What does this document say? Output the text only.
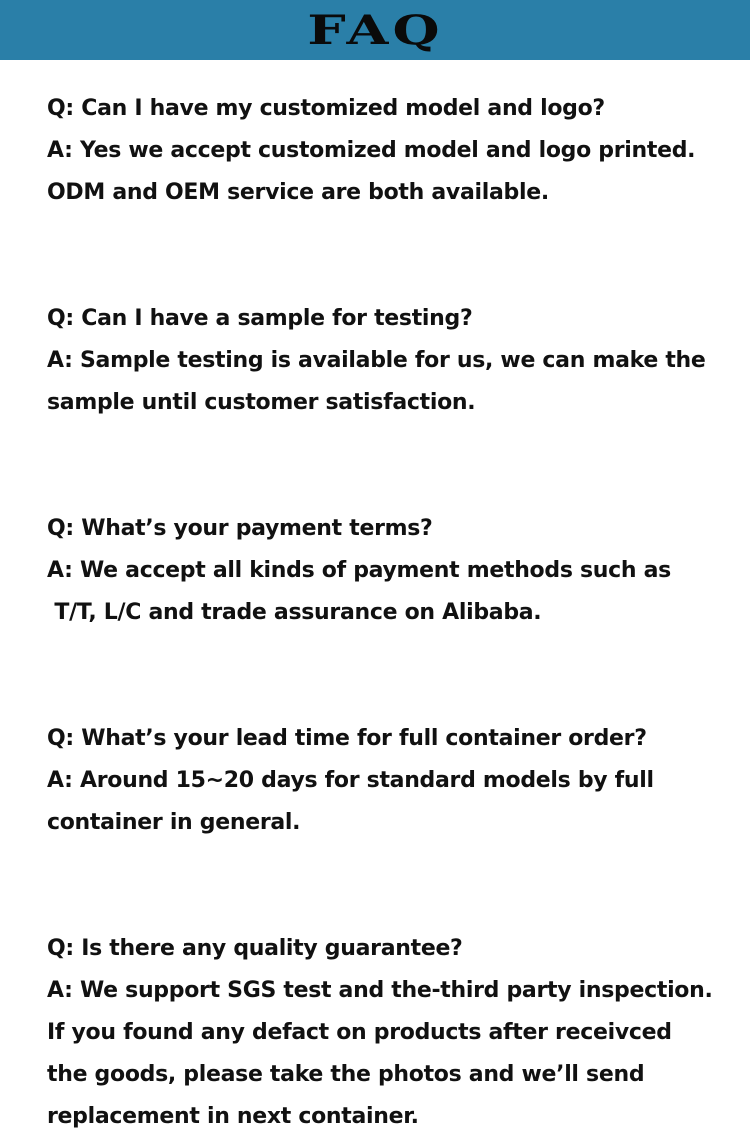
FAQ
Q: Can I have my customized model and logo?
A: Yes we accept customized model and logo printed.
ODM and OEM service are both available.
Q: Can I have a sample for testing?
A: Sample testing is available for us, we can make the
sample until customer satisfaction.
Q: What’s your payment terms?
A: We accept all kinds of payment methods such as
T/T, L/C and trade assurance on Alibaba.
Q: What’s your lead time for full container order?
A: Around 15~20 days for standard models by full
container in general.
Q: Is there any quality guarantee?
A: We support SGS test and the-third party inspection.
If you found any defact on products after receivced
the goods, please take the photos and we’ll send
replacement in next container.
